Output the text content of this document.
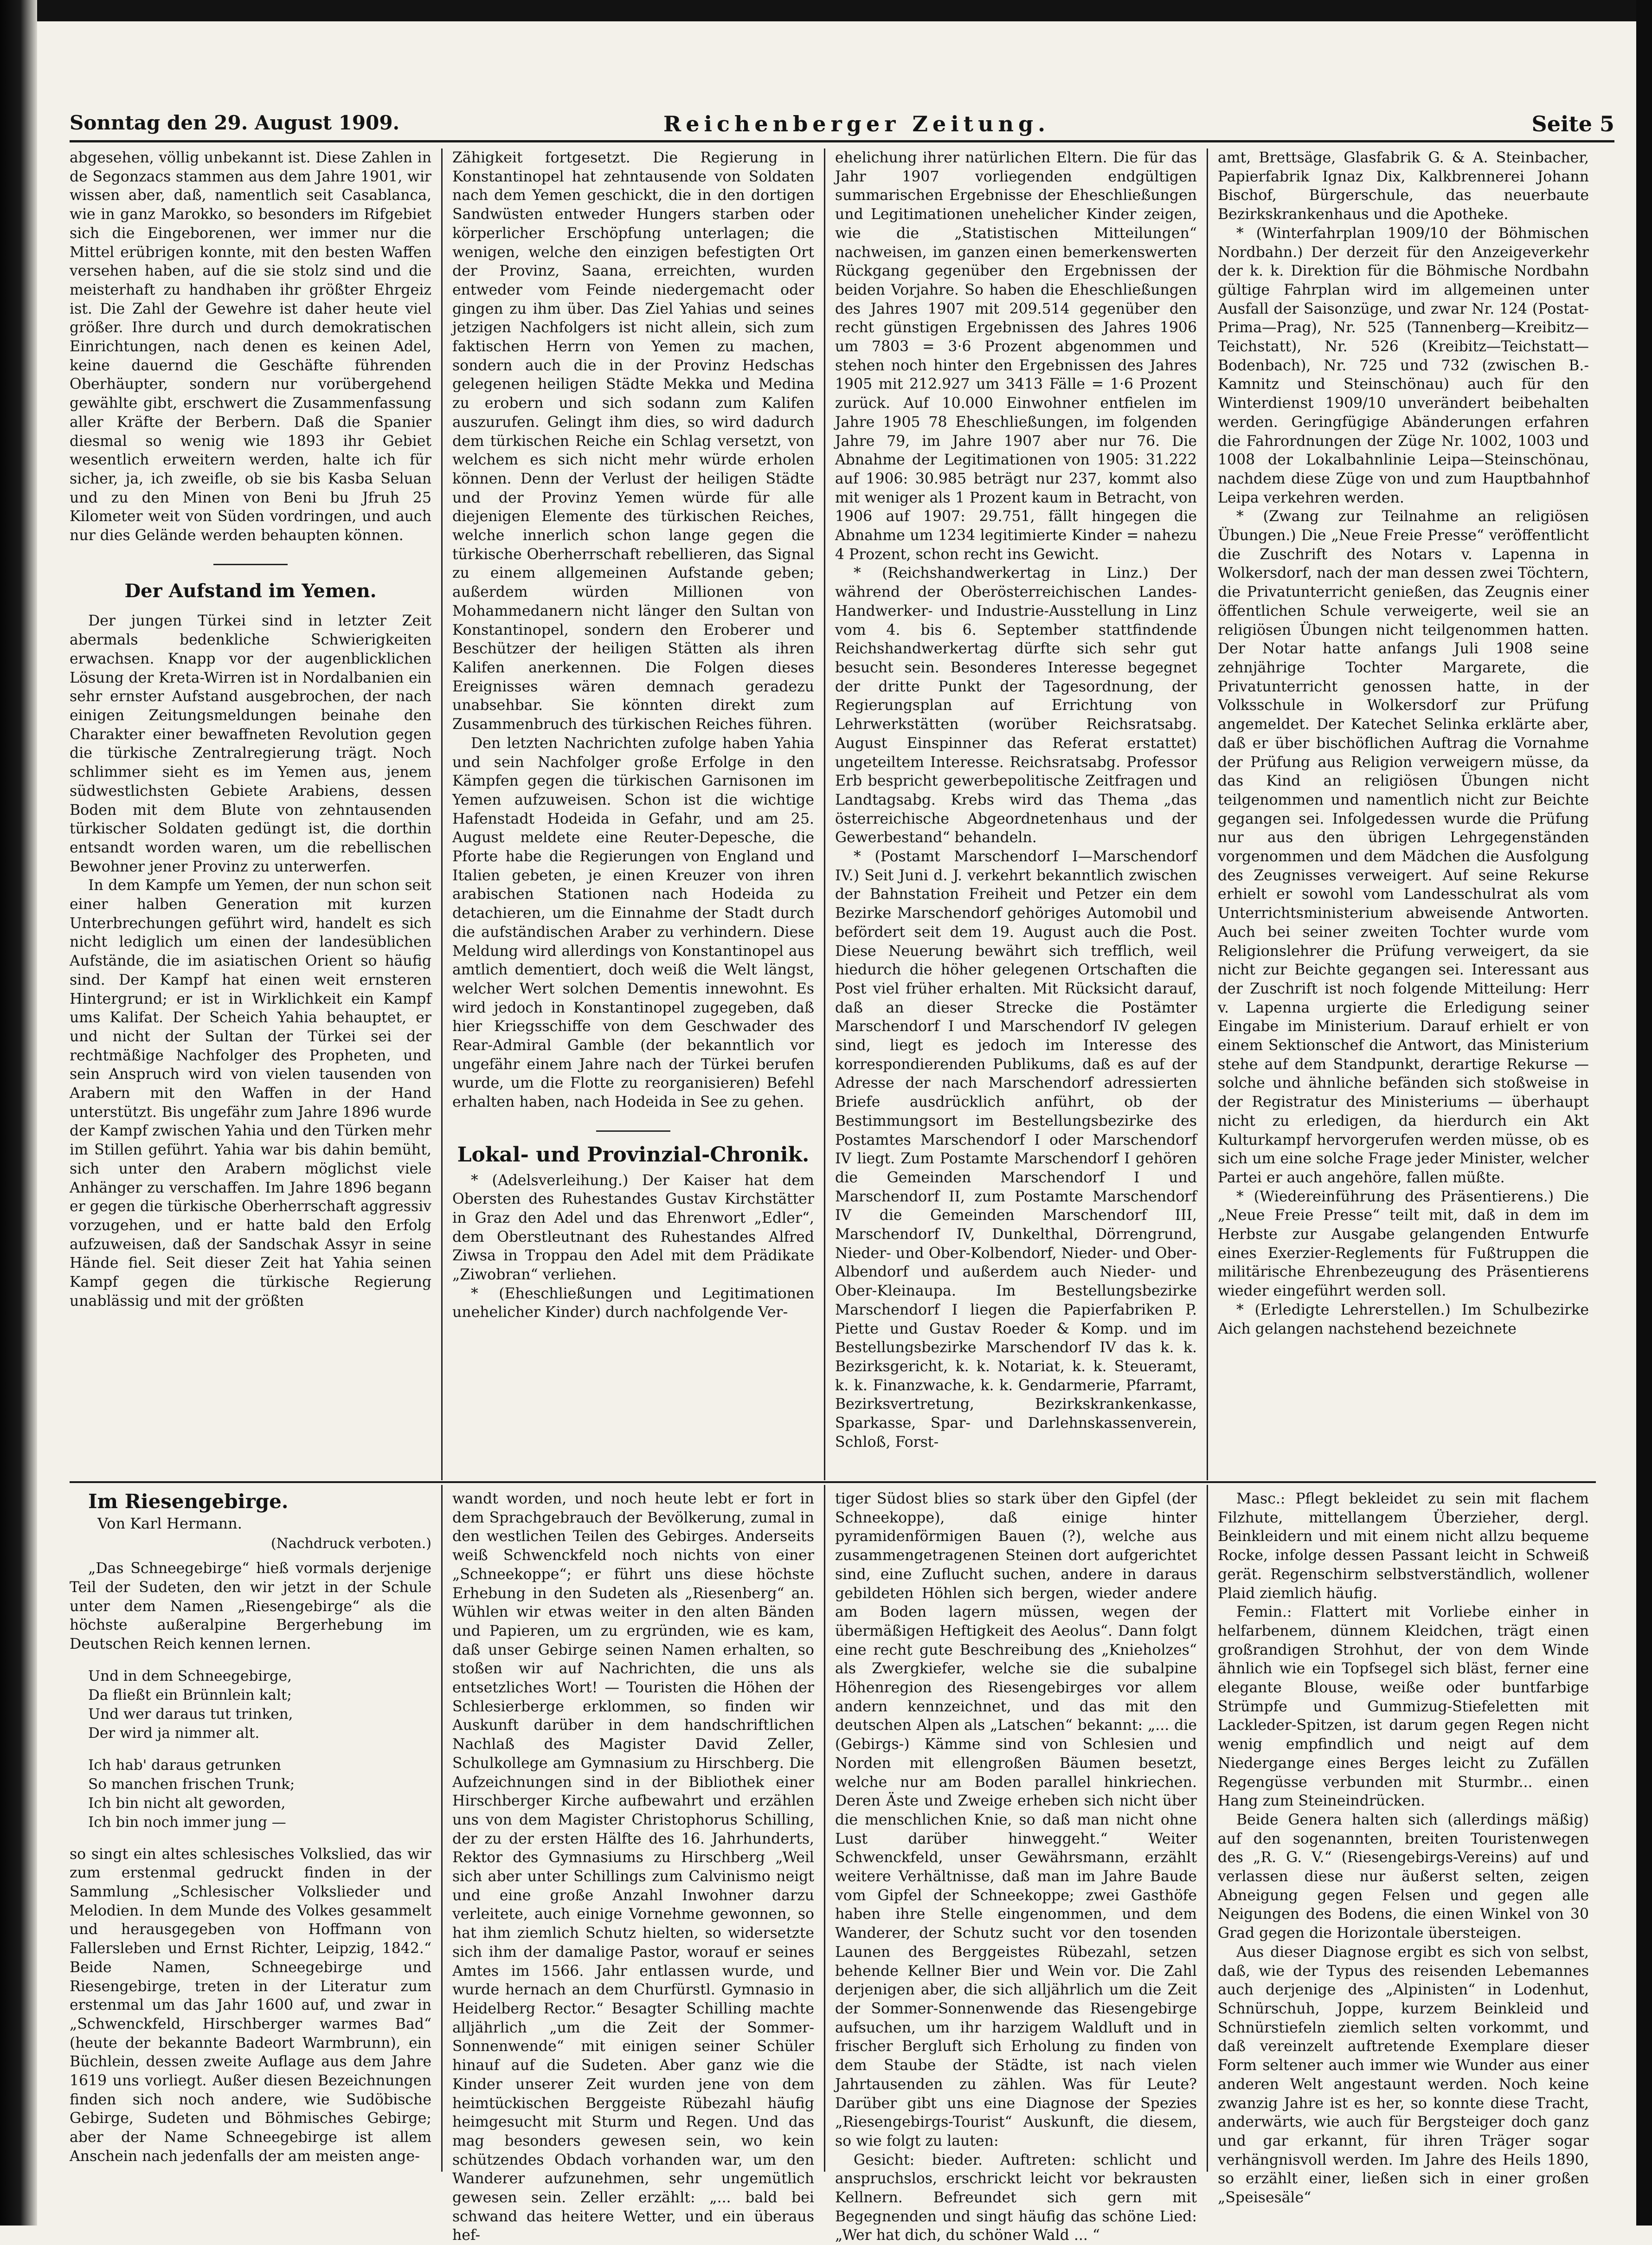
Sonntag den 29. August 1909.	Reichenberger Zeitung.	Seite 5

abgesehen, völlig unbekannt ist. Diese Zahlen in de Segonzacs stammen aus dem Jahre 1901, wir wissen aber, daß, namentlich seit Casablanca, wie in ganz Marokko, so besonders im Rifgebiet sich die Eingeborenen, wer immer nur die Mittel erübrigen konnte, mit den besten Waffen versehen haben, auf die sie stolz sind und die meisterhaft zu handhaben ihr größter Ehrgeiz ist. Die Zahl der Gewehre ist daher heute viel größer. Ihre durch und durch demokratischen Einrichtungen, nach denen es keinen Adel, keine dauernd die Geschäfte führenden Oberhäupter, sondern nur vorübergehend gewählte gibt, erschwert die Zusammenfassung aller Kräfte der Berbern. Daß die Spanier diesmal so wenig wie 1893 ihr Gebiet wesentlich erweitern werden, halte ich für sicher, ja, ich zweifle, ob sie bis Kasba Seluan und zu den Minen von Beni bu Jfruh 25 Kilometer weit von Süden vordringen, und auch nur dies Gelände werden behaupten können.

Der Aufstand im Yemen.

Der jungen Türkei sind in letzter Zeit abermals bedenkliche Schwierigkeiten erwachsen. Knapp vor der augenblicklichen Lösung der Kreta-Wirren ist in Nordalbanien ein sehr ernster Aufstand ausgebrochen, der nach einigen Zeitungsmeldungen beinahe den Charakter einer bewaffneten Revolution gegen die türkische Zentralregierung trägt. Noch schlimmer sieht es im Yemen aus, jenem südwestlichsten Gebiete Arabiens, dessen Boden mit dem Blute von zehntausenden türkischer Soldaten gedüngt ist, die dorthin entsandt worden waren, um die rebellischen Bewohner jener Provinz zu unterwerfen.

In dem Kampfe um Yemen, der nun schon seit einer halben Generation mit kurzen Unterbrechungen geführt wird, handelt es sich nicht lediglich um einen der landesüblichen Aufstände, die im asiatischen Orient so häufig sind. Der Kampf hat einen weit ernsteren Hintergrund; er ist in Wirklichkeit ein Kampf ums Kalifat. Der Scheich Yahia behauptet, er und nicht der Sultan der Türkei sei der rechtmäßige Nachfolger des Propheten, und sein Anspruch wird von vielen tausenden von Arabern mit den Waffen in der Hand unterstützt. Bis ungefähr zum Jahre 1896 wurde der Kampf zwischen Yahia und den Türken mehr im Stillen geführt. Yahia war bis dahin bemüht, sich unter den Arabern möglichst viele Anhänger zu verschaffen. Im Jahre 1896 begann er gegen die türkische Oberherrschaft aggressiv vorzugehen, und er hatte bald den Erfolg aufzuweisen, daß der Sandschak Assyr in seine Hände fiel. Seit dieser Zeit hat Yahia seinen Kampf gegen die türkische Regierung unablässig und mit der größten

Zähigkeit fortgesetzt. Die Regierung in Konstantinopel hat zehntausende von Soldaten nach dem Yemen geschickt, die in den dortigen Sandwüsten entweder Hungers starben oder körperlicher Erschöpfung unterlagen; die wenigen, welche den einzigen befestigten Ort der Provinz, Saana, erreichten, wurden entweder vom Feinde niedergemacht oder gingen zu ihm über. Das Ziel Yahias und seines jetzigen Nachfolgers ist nicht allein, sich zum faktischen Herrn von Yemen zu machen, sondern auch die in der Provinz Hedschas gelegenen heiligen Städte Mekka und Medina zu erobern und sich sodann zum Kalifen auszurufen. Gelingt ihm dies, so wird dadurch dem türkischen Reiche ein Schlag versetzt, von welchem es sich nicht mehr würde erholen können. Denn der Verlust der heiligen Städte und der Provinz Yemen würde für alle diejenigen Elemente des türkischen Reiches, welche innerlich schon lange gegen die türkische Oberherrschaft rebellieren, das Signal zu einem allgemeinen Aufstande geben; außerdem würden Millionen von Mohammedanern nicht länger den Sultan von Konstantinopel, sondern den Eroberer und Beschützer der heiligen Stätten als ihren Kalifen anerkennen. Die Folgen dieses Ereignisses wären demnach geradezu unabsehbar. Sie könnten direkt zum Zusammenbruch des türkischen Reiches führen.

Den letzten Nachrichten zufolge haben Yahia und sein Nachfolger große Erfolge in den Kämpfen gegen die türkischen Garnisonen im Yemen aufzuweisen. Schon ist die wichtige Hafenstadt Hodeida in Gefahr, und am 25. August meldete eine Reuter-Depesche, die Pforte habe die Regierungen von England und Italien gebeten, je einen Kreuzer von ihren arabischen Stationen nach Hodeida zu detachieren, um die Einnahme der Stadt durch die aufständischen Araber zu verhindern. Diese Meldung wird allerdings von Konstantinopel aus amtlich dementiert, doch weiß die Welt längst, welcher Wert solchen Dementis innewohnt. Es wird jedoch in Konstantinopel zugegeben, daß hier Kriegsschiffe von dem Geschwader des Rear-Admiral Gamble (der bekanntlich vor ungefähr einem Jahre nach der Türkei berufen wurde, um die Flotte zu reorganisieren) Befehl erhalten haben, nach Hodeida in See zu gehen.

Lokal- und Provinzial-Chronik.

* (Adelsverleihung.) Der Kaiser hat dem Obersten des Ruhestandes Gustav Kirchstätter in Graz den Adel und das Ehrenwort „Edler“, dem Oberstleutnant des Ruhestandes Alfred Ziwsa in Troppau den Adel mit dem Prädikate „Ziwobran“ verliehen.

* (Eheschließungen und Legitimationen unehelicher Kinder) durch nachfolgende Ver-

ehelichung ihrer natürlichen Eltern. Die für das Jahr 1907 vorliegenden endgültigen summarischen Ergebnisse der Eheschließungen und Legitimationen unehelicher Kinder zeigen, wie die „Statistischen Mitteilungen“ nachweisen, im ganzen einen bemerkenswerten Rückgang gegenüber den Ergebnissen der beiden Vorjahre. So haben die Eheschließungen des Jahres 1907 mit 209.514 gegenüber den recht günstigen Ergebnissen des Jahres 1906 um 7803 = 3·6 Prozent abgenommen und stehen noch hinter den Ergebnissen des Jahres 1905 mit 212.927 um 3413 Fälle = 1·6 Prozent zurück. Auf 10.000 Einwohner entfielen im Jahre 1905 78 Eheschließungen, im folgenden Jahre 79, im Jahre 1907 aber nur 76. Die Abnahme der Legitimationen von 1905: 31.222 auf 1906: 30.985 beträgt nur 237, kommt also mit weniger als 1 Prozent kaum in Betracht, von 1906 auf 1907: 29.751, fällt hingegen die Abnahme um 1234 legitimierte Kinder = nahezu 4 Prozent, schon recht ins Gewicht.

* (Reichshandwerkertag in Linz.) Der während der Oberösterreichischen Landes-Handwerker- und Industrie-Ausstellung in Linz vom 4. bis 6. September stattfindende Reichshandwerkertag dürfte sich sehr gut besucht sein. Besonderes Interesse begegnet der dritte Punkt der Tagesordnung, der Regierungsplan auf Errichtung von Lehrwerkstätten (worüber Reichsratsabg. August Einspinner das Referat erstattet) ungeteiltem Interesse. Reichsratsabg. Professor Erb bespricht gewerbepolitische Zeitfragen und Landtagsabg. Krebs wird das Thema „das österreichische Abgeordnetenhaus und der Gewerbestand“ behandeln.

* (Postamt Marschendorf I—Marschendorf IV.) Seit Juni d. J. verkehrt bekanntlich zwischen der Bahnstation Freiheit und Petzer ein dem Bezirke Marschendorf gehöriges Automobil und befördert seit dem 19. August auch die Post. Diese Neuerung bewährt sich trefflich, weil hiedurch die höher gelegenen Ortschaften die Post viel früher erhalten. Mit Rücksicht darauf, daß an dieser Strecke die Postämter Marschendorf I und Marschendorf IV gelegen sind, liegt es jedoch im Interesse des korrespondierenden Publikums, daß es auf der Adresse der nach Marschendorf adressierten Briefe ausdrücklich anführt, ob der Bestimmungsort im Bestellungsbezirke des Postamtes Marschendorf I oder Marschendorf IV liegt. Zum Postamte Marschendorf I gehören die Gemeinden Marschendorf I und Marschendorf II, zum Postamte Marschendorf IV die Gemeinden Marschendorf III, Marschendorf IV, Dunkelthal, Dörrengrund, Nieder- und Ober-Kolbendorf, Nieder- und Ober-Albendorf und außerdem auch Nieder- und Ober-Kleinaupa. Im Bestellungsbezirke Marschendorf I liegen die Papierfabriken P. Piette und Gustav Roeder & Komp. und im Bestellungsbezirke Marschendorf IV das k. k. Bezirksgericht, k. k. Notariat, k. k. Steueramt, k. k. Finanzwache, k. k. Gendarmerie, Pfarramt, Bezirksvertretung, Bezirkskrankenkasse, Sparkasse, Spar- und Darlehnskassenverein, Schloß, Forst-

amt, Brettsäge, Glasfabrik G. & A. Steinbacher, Papierfabrik Ignaz Dix, Kalkbrennerei Johann Bischof, Bürgerschule, das neuerbaute Bezirkskrankenhaus und die Apotheke.

* (Winterfahrplan 1909/10 der Böhmischen Nordbahn.) Der derzeit für den Anzeigeverkehr der k. k. Direktion für die Böhmische Nordbahn gültige Fahrplan wird im allgemeinen unter Ausfall der Saisonzüge, und zwar Nr. 124 (Postat-Prima—Prag), Nr. 525 (Tannenberg—Kreibitz—Teichstatt), Nr. 526 (Kreibitz—Teichstatt—Bodenbach), Nr. 725 und 732 (zwischen B.-Kamnitz und Steinschönau) auch für den Winterdienst 1909/10 unverändert beibehalten werden. Geringfügige Abänderungen erfahren die Fahrordnungen der Züge Nr. 1002, 1003 und 1008 der Lokalbahnlinie Leipa—Steinschönau, nachdem diese Züge von und zum Hauptbahnhof Leipa verkehren werden.

* (Zwang zur Teilnahme an religiösen Übungen.) Die „Neue Freie Presse“ veröffentlicht die Zuschrift des Notars v. Lapenna in Wolkersdorf, nach der man dessen zwei Töchtern, die Privatunterricht genießen, das Zeugnis einer öffentlichen Schule verweigerte, weil sie an religiösen Übungen nicht teilgenommen hatten. Der Notar hatte anfangs Juli 1908 seine zehnjährige Tochter Margarete, die Privatunterricht genossen hatte, in der Volksschule in Wolkersdorf zur Prüfung angemeldet. Der Katechet Selinka erklärte aber, daß er über bischöflichen Auftrag die Vornahme der Prüfung aus Religion verweigern müsse, da das Kind an religiösen Übungen nicht teilgenommen und namentlich nicht zur Beichte gegangen sei. Infolgedessen wurde die Prüfung nur aus den übrigen Lehrgegenständen vorgenommen und dem Mädchen die Ausfolgung des Zeugnisses verweigert. Auf seine Rekurse erhielt er sowohl vom Landesschulrat als vom Unterrichtsministerium abweisende Antworten. Auch bei seiner zweiten Tochter wurde vom Religionslehrer die Prüfung verweigert, da sie nicht zur Beichte gegangen sei. Interessant aus der Zuschrift ist noch folgende Mitteilung: Herr v. Lapenna urgierte die Erledigung seiner Eingabe im Ministerium. Darauf erhielt er von einem Sektionschef die Antwort, das Ministerium stehe auf dem Standpunkt, derartige Rekurse — solche und ähnliche befänden sich stoßweise in der Registratur des Ministeriums — überhaupt nicht zu erledigen, da hierdurch ein Akt Kulturkampf hervorgerufen werden müsse, ob es sich um eine solche Frage jeder Minister, welcher Partei er auch angehöre, fallen müßte.

* (Wiedereinführung des Präsentierens.) Die „Neue Freie Presse“ teilt mit, daß in dem im Herbste zur Ausgabe gelangenden Entwurfe eines Exerzier-Reglements für Fußtruppen die militärische Ehrenbezeugung des Präsentierens wieder eingeführt werden soll.

* (Erledigte Lehrerstellen.) Im Schulbezirke Aich gelangen nachstehend bezeichnete

Im Riesengebirge.

Von Karl Hermann.

(Nachdruck verboten.)

„Das Schneegebirge“ hieß vormals derjenige Teil der Sudeten, den wir jetzt in der Schule unter dem Namen „Riesengebirge“ als die höchste außeralpine Bergerhebung im Deutschen Reich kennen lernen.

Und in dem Schneegebirge,

Da fließt ein Brünnlein kalt;

Und wer daraus tut trinken,

Der wird ja nimmer alt.

Ich hab' daraus getrunken

So manchen frischen Trunk;

Ich bin nicht alt geworden,

Ich bin noch immer jung —

so singt ein altes schlesisches Volkslied, das wir zum erstenmal gedruckt finden in der Sammlung „Schlesischer Volkslieder und Melodien. In dem Munde des Volkes gesammelt und herausgegeben von Hoffmann von Fallersleben und Ernst Richter, Leipzig, 1842.“ Beide Namen, Schneegebirge und Riesengebirge, treten in der Literatur zum erstenmal um das Jahr 1600 auf, und zwar in „Schwenckfeld, Hirschberger warmes Bad“ (heute der bekannte Badeort Warmbrunn), ein Büchlein, dessen zweite Auflage aus dem Jahre 1619 uns vorliegt. Außer diesen Bezeichnungen finden sich noch andere, wie Sudöbische Gebirge, Sudeten und Böhmisches Gebirge; aber der Name Schneegebirge ist allem Anschein nach jedenfalls der am meisten ange-

wandt worden, und noch heute lebt er fort in dem Sprachgebrauch der Bevölkerung, zumal in den westlichen Teilen des Gebirges. Anderseits weiß Schwenckfeld noch nichts von einer „Schneekoppe“; er führt uns diese höchste Erhebung in den Sudeten als „Riesenberg“ an. Wühlen wir etwas weiter in den alten Bänden und Papieren, um zu ergründen, wie es kam, daß unser Gebirge seinen Namen erhalten, so stoßen wir auf Nachrichten, die uns als entsetzliches Wort! — Touristen die Höhen der Schlesierberge erklommen, so finden wir Auskunft darüber in dem handschriftlichen Nachlaß des Magister David Zeller, Schulkollege am Gymnasium zu Hirschberg. Die Aufzeichnungen sind in der Bibliothek einer Hirschberger Kirche aufbewahrt und erzählen uns von dem Magister Christophorus Schilling, der zu der ersten Hälfte des 16. Jahrhunderts, Rektor des Gymnasiums zu Hirschberg „Weil sich aber unter Schillings zum Calvinismo neigt und eine große Anzahl Inwohner darzu verleitete, auch einige Vornehme gewonnen, so hat ihm ziemlich Schutz hielten, so widersetzte sich ihm der damalige Pastor, worauf er seines Amtes im 1566. Jahr entlassen wurde, und wurde hernach an dem Churfürstl. Gymnasio in Heidelberg Rector.“ Besagter Schilling machte alljährlich „um die Zeit der Sommer-Sonnenwende“ mit einigen seiner Schüler hinauf auf die Sudeten. Aber ganz wie die Kinder unserer Zeit wurden jene von dem heimtückischen Berggeiste Rübezahl häufig heimgesucht mit Sturm und Regen. Und das mag besonders gewesen sein, wo kein schützendes Obdach vorhanden war, um den Wanderer aufzunehmen, sehr ungemütlich gewesen sein. Zeller erzählt: „... bald bei schwand das heitere Wetter, und ein überaus hef-

tiger Südost blies so stark über den Gipfel (der Schneekoppe), daß einige hinter pyramidenförmigen Bauen (?), welche aus zusammengetragenen Steinen dort aufgerichtet sind, eine Zuflucht suchen, andere in daraus gebildeten Höhlen sich bergen, wieder andere am Boden lagern müssen, wegen der übermäßigen Heftigkeit des Aeolus“. Dann folgt eine recht gute Beschreibung des „Knieholzes“ als Zwergkiefer, welche sie die subalpine Höhenregion des Riesengebirges vor allem andern kennzeichnet, und das mit den deutschen Alpen als „Latschen“ bekannt: „... die (Gebirgs-) Kämme sind von Schlesien und Norden mit ellengroßen Bäumen besetzt, welche nur am Boden parallel hinkriechen. Deren Äste und Zweige erheben sich nicht über die menschlichen Knie, so daß man nicht ohne Lust darüber hinweggeht.“ Weiter Schwenckfeld, unser Gewährsmann, erzählt weitere Verhältnisse, daß man im Jahre Baude vom Gipfel der Schneekoppe; zwei Gasthöfe haben ihre Stelle eingenommen, und dem Wanderer, der Schutz sucht vor den tosenden Launen des Berggeistes Rübezahl, setzen behende Kellner Bier und Wein vor. Die Zahl derjenigen aber, die sich alljährlich um die Zeit der Sommer-Sonnenwende das Riesengebirge aufsuchen, um ihr harzigem Waldluft und in frischer Bergluft sich Erholung zu finden von dem Staube der Städte, ist nach vielen Jahrtausenden zu zählen. Was für Leute? Darüber gibt uns eine Diagnose der Spezies „Riesengebirgs-Tourist“ Auskunft, die diesem, so wie folgt zu lauten:

Gesicht: bieder. Auftreten: schlicht und anspruchslos, erschrickt leicht vor bekrausten Kellnern. Befreundet sich gern mit Begegnenden und singt häufig das schöne Lied: „Wer hat dich, du schöner Wald ... “

Masc.: Pflegt bekleidet zu sein mit flachem Filzhute, mittellangem Überzieher, dergl. Beinkleidern und mit einem nicht allzu bequeme Rocke, infolge dessen Passant leicht in Schweiß gerät. Regenschirm selbstverständlich, wollener Plaid ziemlich häufig.

Femin.: Flattert mit Vorliebe einher in helfarbenem, dünnem Kleidchen, trägt einen großrandigen Strohhut, der von dem Winde ähnlich wie ein Topfsegel sich bläst, ferner eine elegante Blouse, weiße oder buntfarbige Strümpfe und Gummizug-Stiefeletten mit Lackleder-Spitzen, ist darum gegen Regen nicht wenig empfindlich und neigt auf dem Niedergange eines Berges leicht zu Zufällen Regengüsse verbunden mit Sturmbr... einen Hang zum Steineindrücken.

Beide Genera halten sich (allerdings mäßig) auf den sogenannten, breiten Touristenwegen des „R. G. V.“ (Riesengebirgs-Vereins) auf und verlassen diese nur äußerst selten, zeigen Abneigung gegen Felsen und gegen alle Neigungen des Bodens, die einen Winkel von 30 Grad gegen die Horizontale übersteigen.

Aus dieser Diagnose ergibt es sich von selbst, daß, wie der Typus des reisenden Lebemannes auch derjenige des „Alpinisten“ in Lodenhut, Schnürschuh, Joppe, kurzem Beinkleid und Schnürstiefeln ziemlich selten vorkommt, und daß vereinzelt auftretende Exemplare dieser Form seltener auch immer wie Wunder aus einer anderen Welt angestaunt werden. Noch keine zwanzig Jahre ist es her, so konnte diese Tracht, anderwärts, wie auch für Bergsteiger doch ganz und gar erkannt, für ihren Träger sogar verhängnisvoll werden. Im Jahre des Heils 1890, so erzählt einer, ließen sich in einer großen „Speisesäle“
